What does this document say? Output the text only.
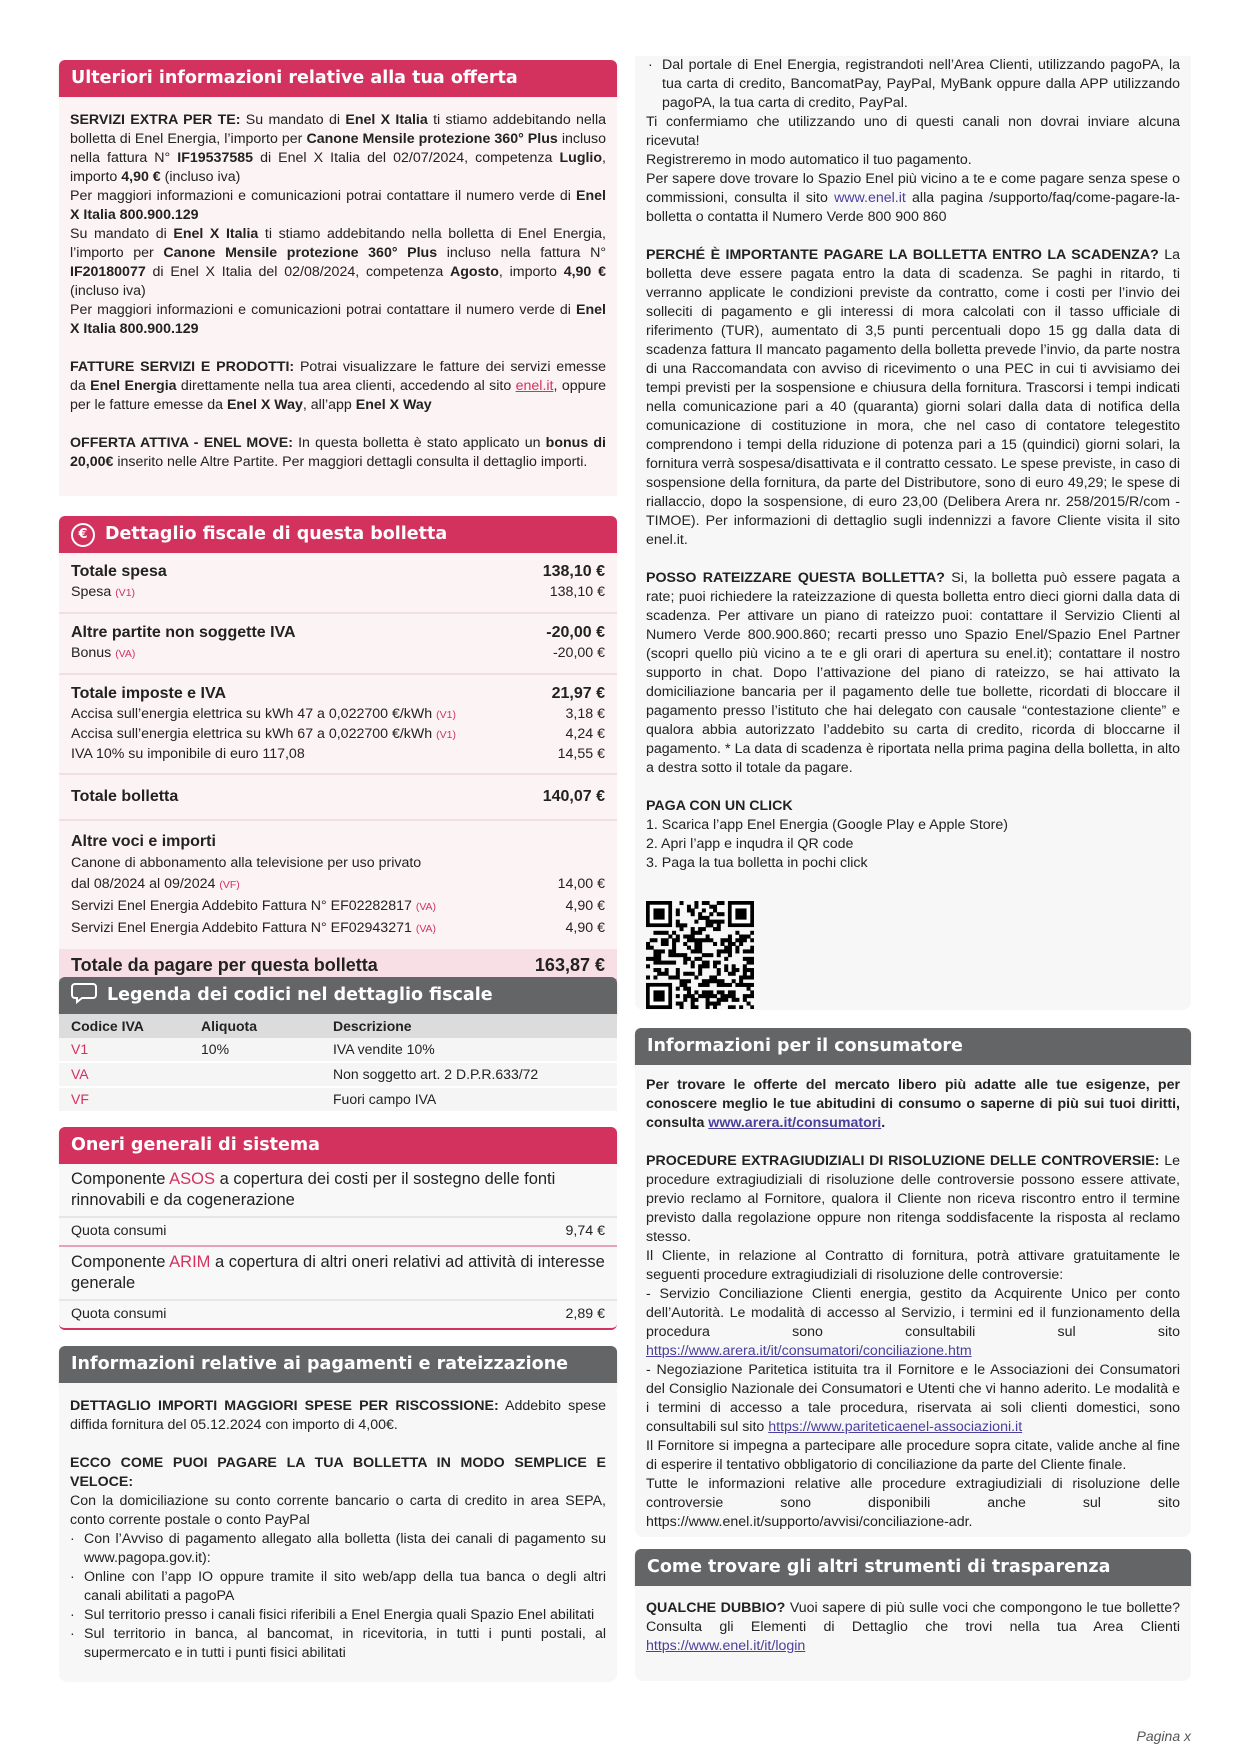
Ulteriori informazioni relative alla tua offerta

SERVIZI EXTRA PER TE: Su mandato di Enel X Italia ti stiamo addebitando nella bolletta di Enel Energia, l’importo per Canone Mensile protezione 360° Plus incluso nella fattura N° IF19537585 di Enel X Italia del 02/07/2024, competenza Luglio, importo 4,90 € (incluso iva)

Per maggiori informazioni e comunicazioni potrai contattare il numero verde di Enel X Italia 800.900.129

Su mandato di Enel X Italia ti stiamo addebitando nella bolletta di Enel Energia, l’importo per Canone Mensile protezione 360° Plus incluso nella fattura N° IF20180077 di Enel X Italia del 02/08/2024, competenza Agosto, importo 4,90 € (incluso iva)

Per maggiori informazioni e comunicazioni potrai contattare il numero verde di Enel X Italia 800.900.129

FATTURE SERVIZI E PRODOTTI: Potrai visualizzare le fatture dei servizi emesse da Enel Energia direttamente nella tua area clienti, accedendo al sito enel.it, oppure per le fatture emesse da Enel X Way, all’app Enel X Way

OFFERTA ATTIVA - ENEL MOVE: In questa bolletta è stato applicato un bonus di 20,00€ inserito nelle Altre Partite. Per maggiori dettagli consulta il dettaglio importi.

€ Dettaglio fiscale di questa bolletta
Totale spesa	138,10 €
Spesa (V1)	138,10 €
Altre partite non soggette IVA	-20,00 €
Bonus (VA)	-20,00 €
Totale imposte e IVA	21,97 €
Accisa sull’energia elettrica su kWh 47 a 0,022700 €/kWh (V1)	3,18 €
Accisa sull’energia elettrica su kWh 67 a 0,022700 €/kWh (V1)	4,24 €
IVA 10% su imponibile di euro 117,08	14,55 €
Totale bolletta	140,07 €
Altre voci e importi
Canone di abbonamento alla televisione per uso privato
dal 08/2024 al 09/2024 (VF)	14,00 €
Servizi Enel Energia Addebito Fattura N° EF02282817 (VA)	4,90 €
Servizi Enel Energia Addebito Fattura N° EF02943271 (VA)	4,90 €
Totale da pagare per questa bolletta	163,87 €
Legenda dei codici nel dettaglio fiscale
Codice IVA	Aliquota	Descrizione
V1	10%	IVA vendite 10%
VA		Non soggetto art. 2 D.P.R.633/72
VF		Fuori campo IVA
Oneri generali di sistema
Componente ASOS a copertura dei costi per il sostegno delle fonti rinnovabili e da cogenerazione
Quota consumi	9,74 €
Componente ARIM a copertura di altri oneri relativi ad attività di interesse generale
Quota consumi	2,89 €
Informazioni relative ai pagamenti e rateizzazione

DETTAGLIO IMPORTI MAGGIORI SPESE PER RISCOSSIONE: Addebito spese diffida fornitura del 05.12.2024 con importo di 4,00€.

ECCO COME PUOI PAGARE LA TUA BOLLETTA IN MODO SEMPLICE E VELOCE:

Con la domiciliazione su conto corrente bancario o carta di credito in area SEPA, conto corrente postale o conto PayPal

· Con l’Avviso di pagamento allegato alla bolletta (lista dei canali di pagamento su www.pagopa.gov.it):
· Online con l’app IO oppure tramite il sito web/app della tua banca o degli altri canali abilitati a pagoPA
· Sul territorio presso i canali fisici riferibili a Enel Energia quali Spazio Enel abilitati
· Sul territorio in banca, al bancomat, in ricevitoria, in tutti i punti postali, al supermercato e in tutti i punti fisici abilitati
· Dal portale di Enel Energia, registrandoti nell’Area Clienti, utilizzando pagoPA, la tua carta di credito, BancomatPay, PayPal, MyBank oppure dalla APP utilizzando pagoPA, la tua carta di credito, PayPal.

Ti confermiamo che utilizzando uno di questi canali non dovrai inviare alcuna ricevuta!

Registreremo in modo automatico il tuo pagamento.

Per sapere dove trovare lo Spazio Enel più vicino a te e come pagare senza spese o commissioni, consulta il sito www.enel.it alla pagina /supporto/faq/come-pagare-la-bolletta o contatta il Numero Verde 800 900 860

PERCHÉ È IMPORTANTE PAGARE LA BOLLETTA ENTRO LA SCADENZA? La bolletta deve essere pagata entro la data di scadenza. Se paghi in ritardo, ti verranno applicate le condizioni previste da contratto, come i costi per l’invio dei solleciti di pagamento e gli interessi di mora calcolati con il tasso ufficiale di riferimento (TUR), aumentato di 3,5 punti percentuali dopo 15 gg dalla data di scadenza fattura Il mancato pagamento della bolletta prevede l’invio, da parte nostra di una Raccomandata con avviso di ricevimento o una PEC in cui ti avvisiamo dei tempi previsti per la sospensione e chiusura della fornitura. Trascorsi i tempi indicati nella comunicazione pari a 40 (quaranta) giorni solari dalla data di notifica della comunicazione di costituzione in mora, che nel caso di contatore telegestito comprendono i tempi della riduzione di potenza pari a 15 (quindici) giorni solari, la fornitura verrà sospesa/disattivata e il contratto cessato. Le spese previste, in caso di sospensione della fornitura, da parte del Distributore, sono di euro 49,29; le spese di riallaccio, dopo la sospensione, di euro 23,00 (Delibera Arera nr. 258/2015/R/com - TIMOE). Per informazioni di dettaglio sugli indennizzi a favore Cliente visita il sito enel.it.

POSSO RATEIZZARE QUESTA BOLLETTA? Si, la bolletta può essere pagata a rate; puoi richiedere la rateizzazione di questa bolletta entro dieci giorni dalla data di scadenza. Per attivare un piano di rateizzo puoi: contattare il Servizio Clienti al Numero Verde 800.900.860; recarti presso uno Spazio Enel/Spazio Enel Partner (scopri quello più vicino a te e gli orari di apertura su enel.it); contattare il nostro supporto in chat. Dopo l’attivazione del piano di rateizzo, se hai attivato la domiciliazione bancaria per il pagamento delle tue bollette, ricordati di bloccare il pagamento presso l’istituto che hai delegato con causale “contestazione cliente” e qualora abbia autorizzato l’addebito su carta di credito, ricorda di bloccarne il pagamento. * La data di scadenza è riportata nella prima pagina della bolletta, in alto a destra sotto il totale da pagare.

PAGA CON UN CLICK

1. Scarica l’app Enel Energia (Google Play e Apple Store)

2. Apri l’app e inqudra il QR code

3. Paga la tua bolletta in pochi click

Informazioni per il consumatore

Per trovare le offerte del mercato libero più adatte alle tue esigenze, per conoscere meglio le tue abitudini di consumo o saperne di più sui tuoi diritti, consulta www.arera.it/consumatori.

PROCEDURE EXTRAGIUDIZIALI DI RISOLUZIONE DELLE CONTROVERSIE: Le procedure extragiudiziali di risoluzione delle controversie possono essere attivate, previo reclamo al Fornitore, qualora il Cliente non riceva riscontro entro il termine previsto dalla regolazione oppure non ritenga soddisfacente la risposta al reclamo stesso.

Il Cliente, in relazione al Contratto di fornitura, potrà attivare gratuitamente le seguenti procedure extragiudiziali di risoluzione delle controversie:

- Servizio Conciliazione Clienti energia, gestito da Acquirente Unico per conto dell’Autorità. Le modalità di accesso al Servizio, i termini ed il funzionamento della procedura sono consultabili sul sito https://www.arera.it/it/consumatori/conciliazione.htm

- Negoziazione Paritetica istituita tra il Fornitore e le Associazioni dei Consumatori del Consiglio Nazionale dei Consumatori e Utenti che vi hanno aderito. Le modalità e i termini di accesso a tale procedura, riservata ai soli clienti domestici, sono consultabili sul sito https://www.pariteticaenel-associazioni.it

Il Fornitore si impegna a partecipare alle procedure sopra citate, valide anche al fine di esperire il tentativo obbligatorio di conciliazione da parte del Cliente finale.

Tutte le informazioni relative alle procedure extragiudiziali di risoluzione delle controversie sono disponibili anche sul sito https://www.enel.it/supporto/avvisi/conciliazione-adr.

Come trovare gli altri strumenti di trasparenza

QUALCHE DUBBIO? Vuoi sapere di più sulle voci che compongono le tue bollette? Consulta gli Elementi di Dettaglio che trovi nella tua Area Clienti https://www.enel.it/it/login

Pagina x
